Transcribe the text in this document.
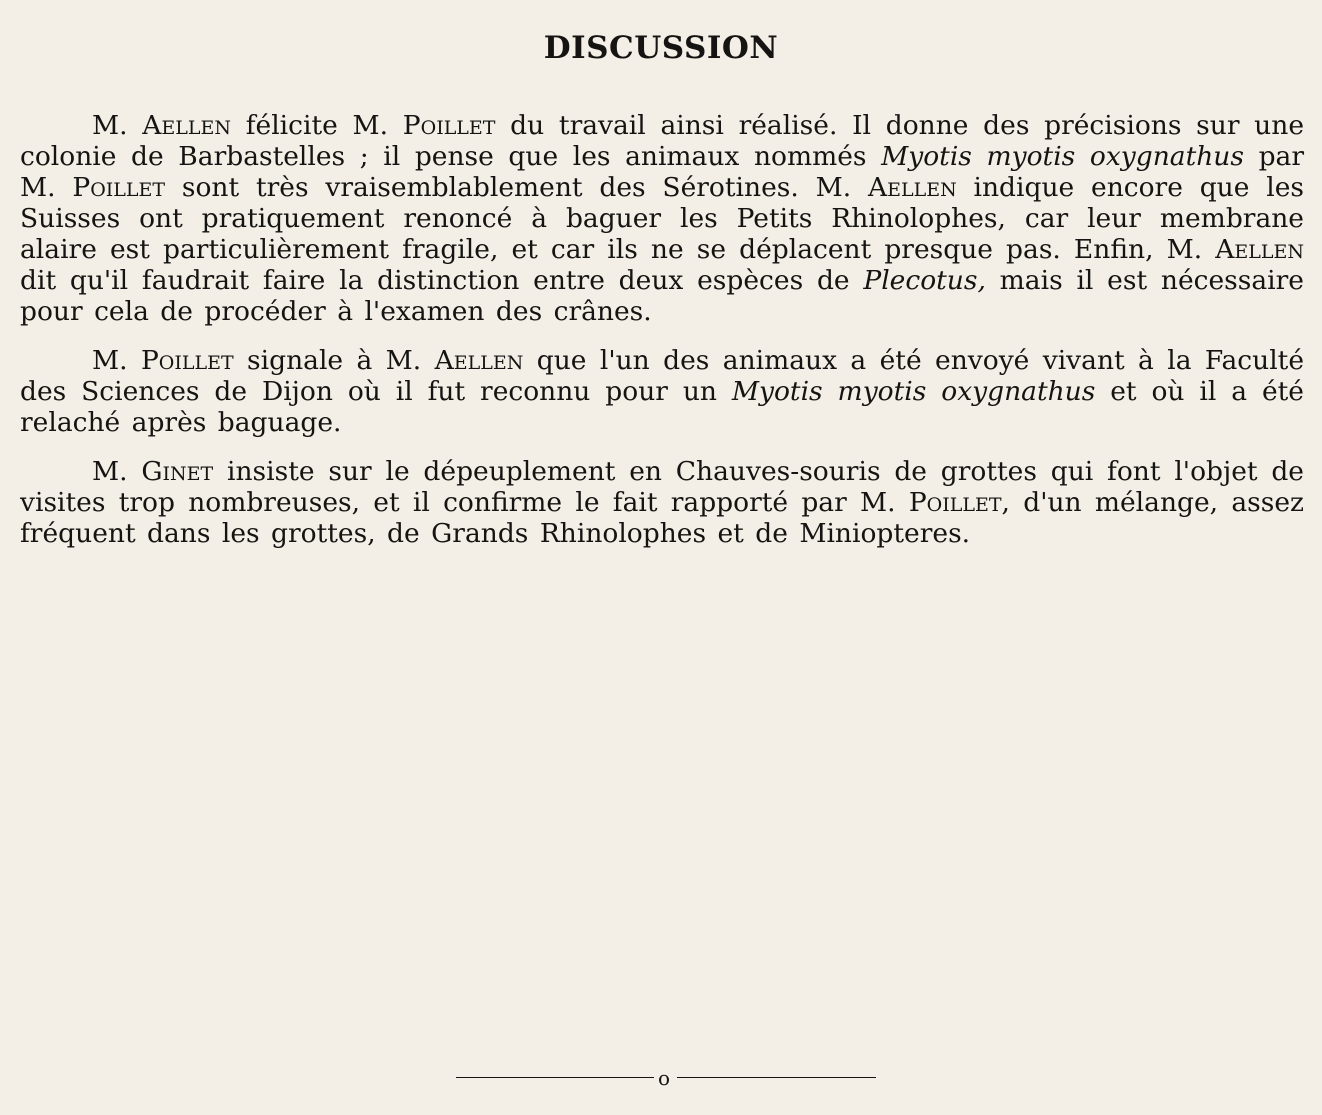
DISCUSSION

M. Aellen félicite M. Poillet du travail ainsi réalisé. Il donne des précisions sur une colonie de Barbastelles ; il pense que les animaux nommés Myotis myotis oxygnathus par M. Poillet sont très vraisemblablement des Sérotines. M. Aellen indique encore que les Suisses ont pratiquement renoncé à baguer les Petits Rhinolophes, car leur membrane alaire est particulièrement fragile, et car ils ne se déplacent presque pas. Enfin, M. Aellen dit qu'il faudrait faire la distinction entre deux espèces de Plecotus, mais il est nécessaire pour cela de procéder à l'examen des crânes.

M. Poillet signale à M. Aellen que l'un des animaux a été envoyé vivant à la Faculté des Sciences de Dijon où il fut reconnu pour un Myotis myotis oxygnathus et où il a été relaché après baguage.

M. Ginet insiste sur le dépeuplement en Chauves-souris de grottes qui font l'objet de visites trop nombreuses, et il confirme le fait rapporté par M. Poillet, d'un mélange, assez fréquent dans les grottes, de Grands Rhinolophes et de Miniopteres.

o
